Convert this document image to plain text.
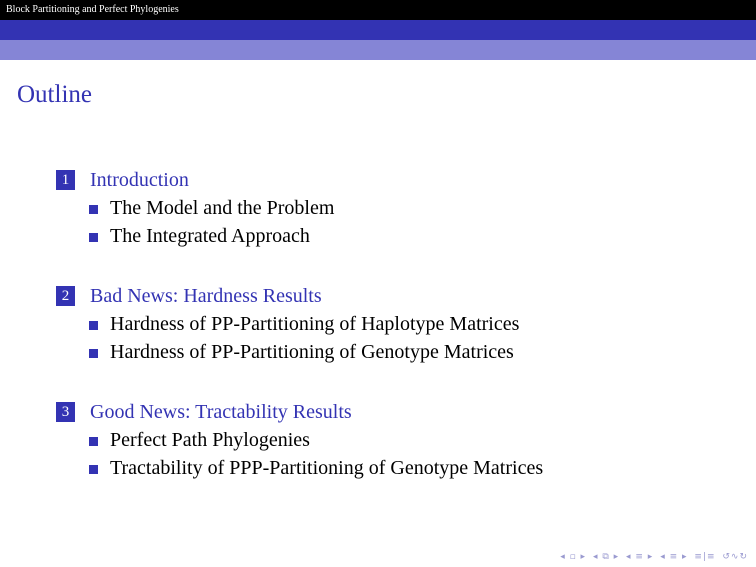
Block Partitioning and Perfect Phylogenies
Outline
1 Introduction
The Model and the Problem
The Integrated Approach
2 Bad News: Hardness Results
Hardness of PP-Partitioning of Haplotype Matrices
Hardness of PP-Partitioning of Genotype Matrices
3 Good News: Tractability Results
Perfect Path Phylogenies
Tractability of PPP-Partitioning of Genotype Matrices
◂ ▫ ▸ ◂ ⧉ ▸ ◂ ≡ ▸ ◂ ≡ ▸ ≡|≡ ↺∿↻
